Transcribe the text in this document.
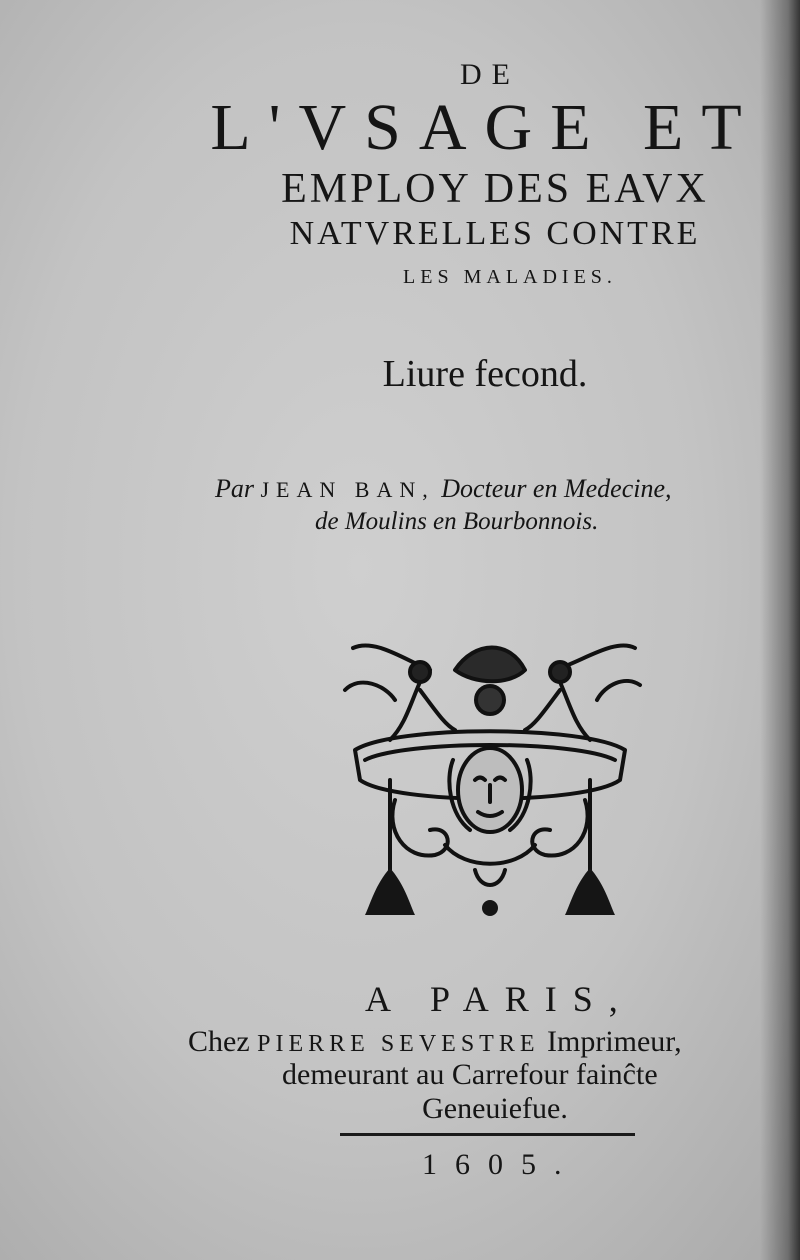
DE
L'VSAGE ET
EMPLOY DES EAVX
NATVRELLES CONTRE
LES MALADIES.
Liure fecond.
Par JEAN BAN, Docteur en Medecine,
de Moulins en Bourbonnois.
A PARIS,
Chez PIERRE SEVESTRE Imprimeur,
demeurant au Carrefour fainĉte
Geneuiefue.
1605.
